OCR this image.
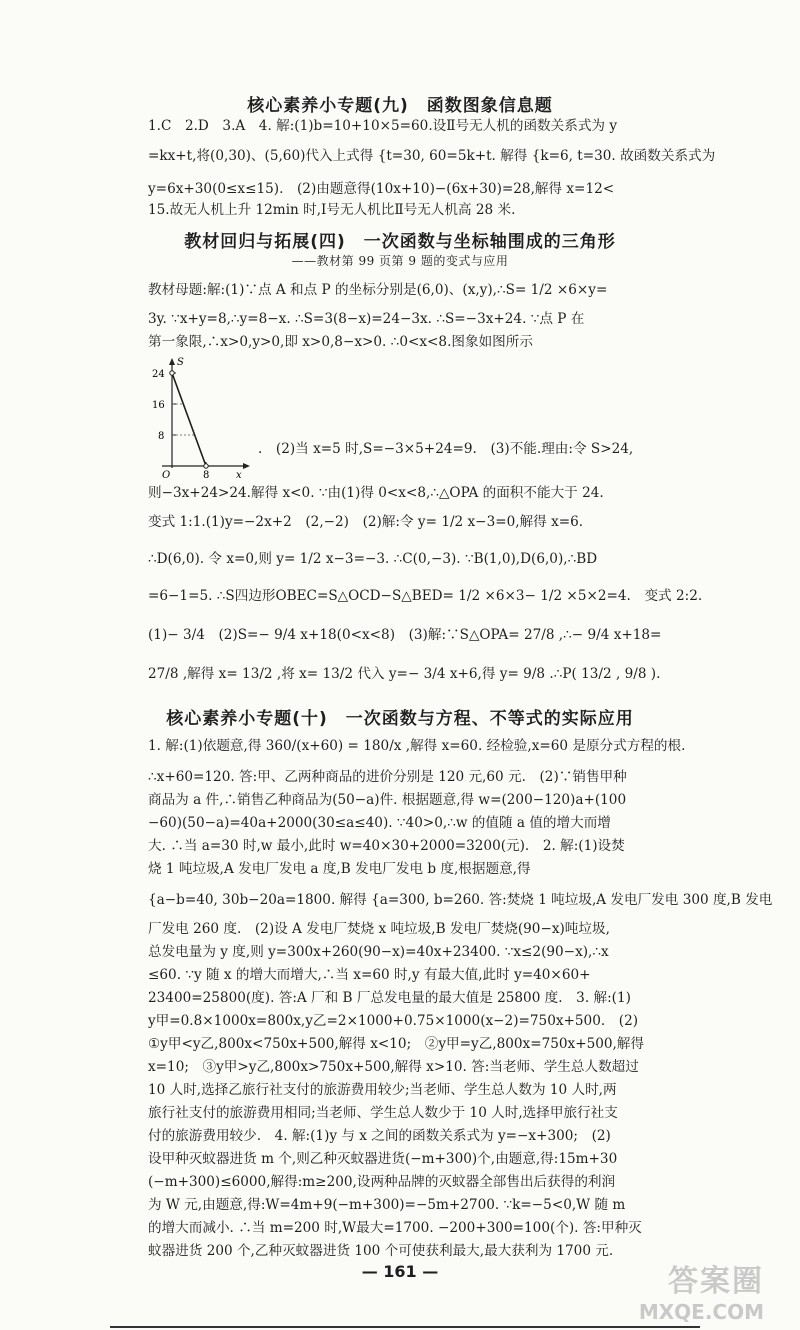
核心素养小专题(九)　函数图象信息题
1.C　2.D　3.A　4. 解:(1)b=10+10×5=60.设Ⅱ号无人机的函数关系式为 y
=kx+t,将(0,30)、(5,60)代入上式得 {t=30, 60=5k+t. 解得 {k=6, t=30. 故函数关系式为
y=6x+30(0≤x≤15).　(2)由题意得(10x+10)−(6x+30)=28,解得 x=12<
15.故无人机上升 12min 时,Ⅰ号无人机比Ⅱ号无人机高 28 米.
教材回归与拓展(四)　一次函数与坐标轴围成的三角形
——教材第 99 页第 9 题的变式与应用
教材母题:解:(1)∵点 A 和点 P 的坐标分别是(6,0)、(x,y),∴S= 1/2 ×6×y=
3y. ∵x+y=8,∴y=8−x. ∴S=3(8−x)=24−3x. ∴S=−3x+24. ∵点 P 在
第一象限,∴x>0,y>0,即 x>0,8−x>0. ∴0<x<8.图象如图所示
S
x
O
24
16
8
8
.　(2)当 x=5 时,S=−3×5+24=9.　(3)不能.理由:令 S>24,
则−3x+24>24.解得 x<0. ∵由(1)得 0<x<8,∴△OPA 的面积不能大于 24.
变式 1:1.(1)y=−2x+2　(2,−2)　(2)解:令 y= 1/2 x−3=0,解得 x=6.
∴D(6,0). 令 x=0,则 y= 1/2 x−3=−3. ∴C(0,−3). ∵B(1,0),D(6,0),∴BD
=6−1=5. ∴S四边形OBEC=S△OCD−S△BED= 1/2 ×6×3− 1/2 ×5×2=4.　变式 2:2.
(1)− 3/4　(2)S=− 9/4 x+18(0<x<8)　(3)解:∵S△OPA= 27/8 ,∴− 9/4 x+18=
27/8 ,解得 x= 13/2 ,将 x= 13/2 代入 y=− 3/4 x+6,得 y= 9/8 .∴P( 13/2 , 9/8 ).
核心素养小专题(十)　一次函数与方程、不等式的实际应用
1. 解:(1)依题意,得 360/(x+60) = 180/x ,解得 x=60. 经检验,x=60 是原分式方程的根.
∴x+60=120. 答:甲、乙两种商品的进价分别是 120 元,60 元.　(2)∵销售甲种
商品为 a 件,∴销售乙种商品为(50−a)件. 根据题意,得 w=(200−120)a+(100
−60)(50−a)=40a+2000(30≤a≤40). ∵40>0,∴w 的值随 a 值的增大而增
大. ∴当 a=30 时,w 最小,此时 w=40×30+2000=3200(元).　2. 解:(1)设焚
烧 1 吨垃圾,A 发电厂发电 a 度,B 发电厂发电 b 度,根据题意,得
{a−b=40, 30b−20a=1800. 解得 {a=300, b=260. 答:焚烧 1 吨垃圾,A 发电厂发电 300 度,B 发电
厂发电 260 度.　(2)设 A 发电厂焚烧 x 吨垃圾,B 发电厂焚烧(90−x)吨垃圾,
总发电量为 y 度,则 y=300x+260(90−x)=40x+23400. ∵x≤2(90−x),∴x
≤60. ∵y 随 x 的增大而增大,∴当 x=60 时,y 有最大值,此时 y=40×60+
23400=25800(度). 答:A 厂和 B 厂总发电量的最大值是 25800 度.　3. 解:(1)
y甲=0.8×1000x=800x,y乙=2×1000+0.75×1000(x−2)=750x+500.　(2)
①y甲<y乙,800x<750x+500,解得 x<10;　②y甲=y乙,800x=750x+500,解得
x=10;　③y甲>y乙,800x>750x+500,解得 x>10. 答:当老师、学生总人数超过
10 人时,选择乙旅行社支付的旅游费用较少;当老师、学生总人数为 10 人时,两
旅行社支付的旅游费用相同;当老师、学生总人数少于 10 人时,选择甲旅行社支
付的旅游费用较少.　4. 解:(1)y 与 x 之间的函数关系式为 y=−x+300;　(2)
设甲种灭蚊器进货 m 个,则乙种灭蚊器进货(−m+300)个,由题意,得:15m+30
(−m+300)≤6000,解得:m≥200,设两种品牌的灭蚊器全部售出后获得的利润
为 W 元,由题意,得:W=4m+9(−m+300)=−5m+2700. ∵k=−5<0,W 随 m
的增大而减小. ∴当 m=200 时,W最大=1700. −200+300=100(个). 答:甲种灭
蚊器进货 200 个,乙种灭蚊器进货 100 个可使获利最大,最大获利为 1700 元.
— 161 —	答案圈
MXQE.COM
